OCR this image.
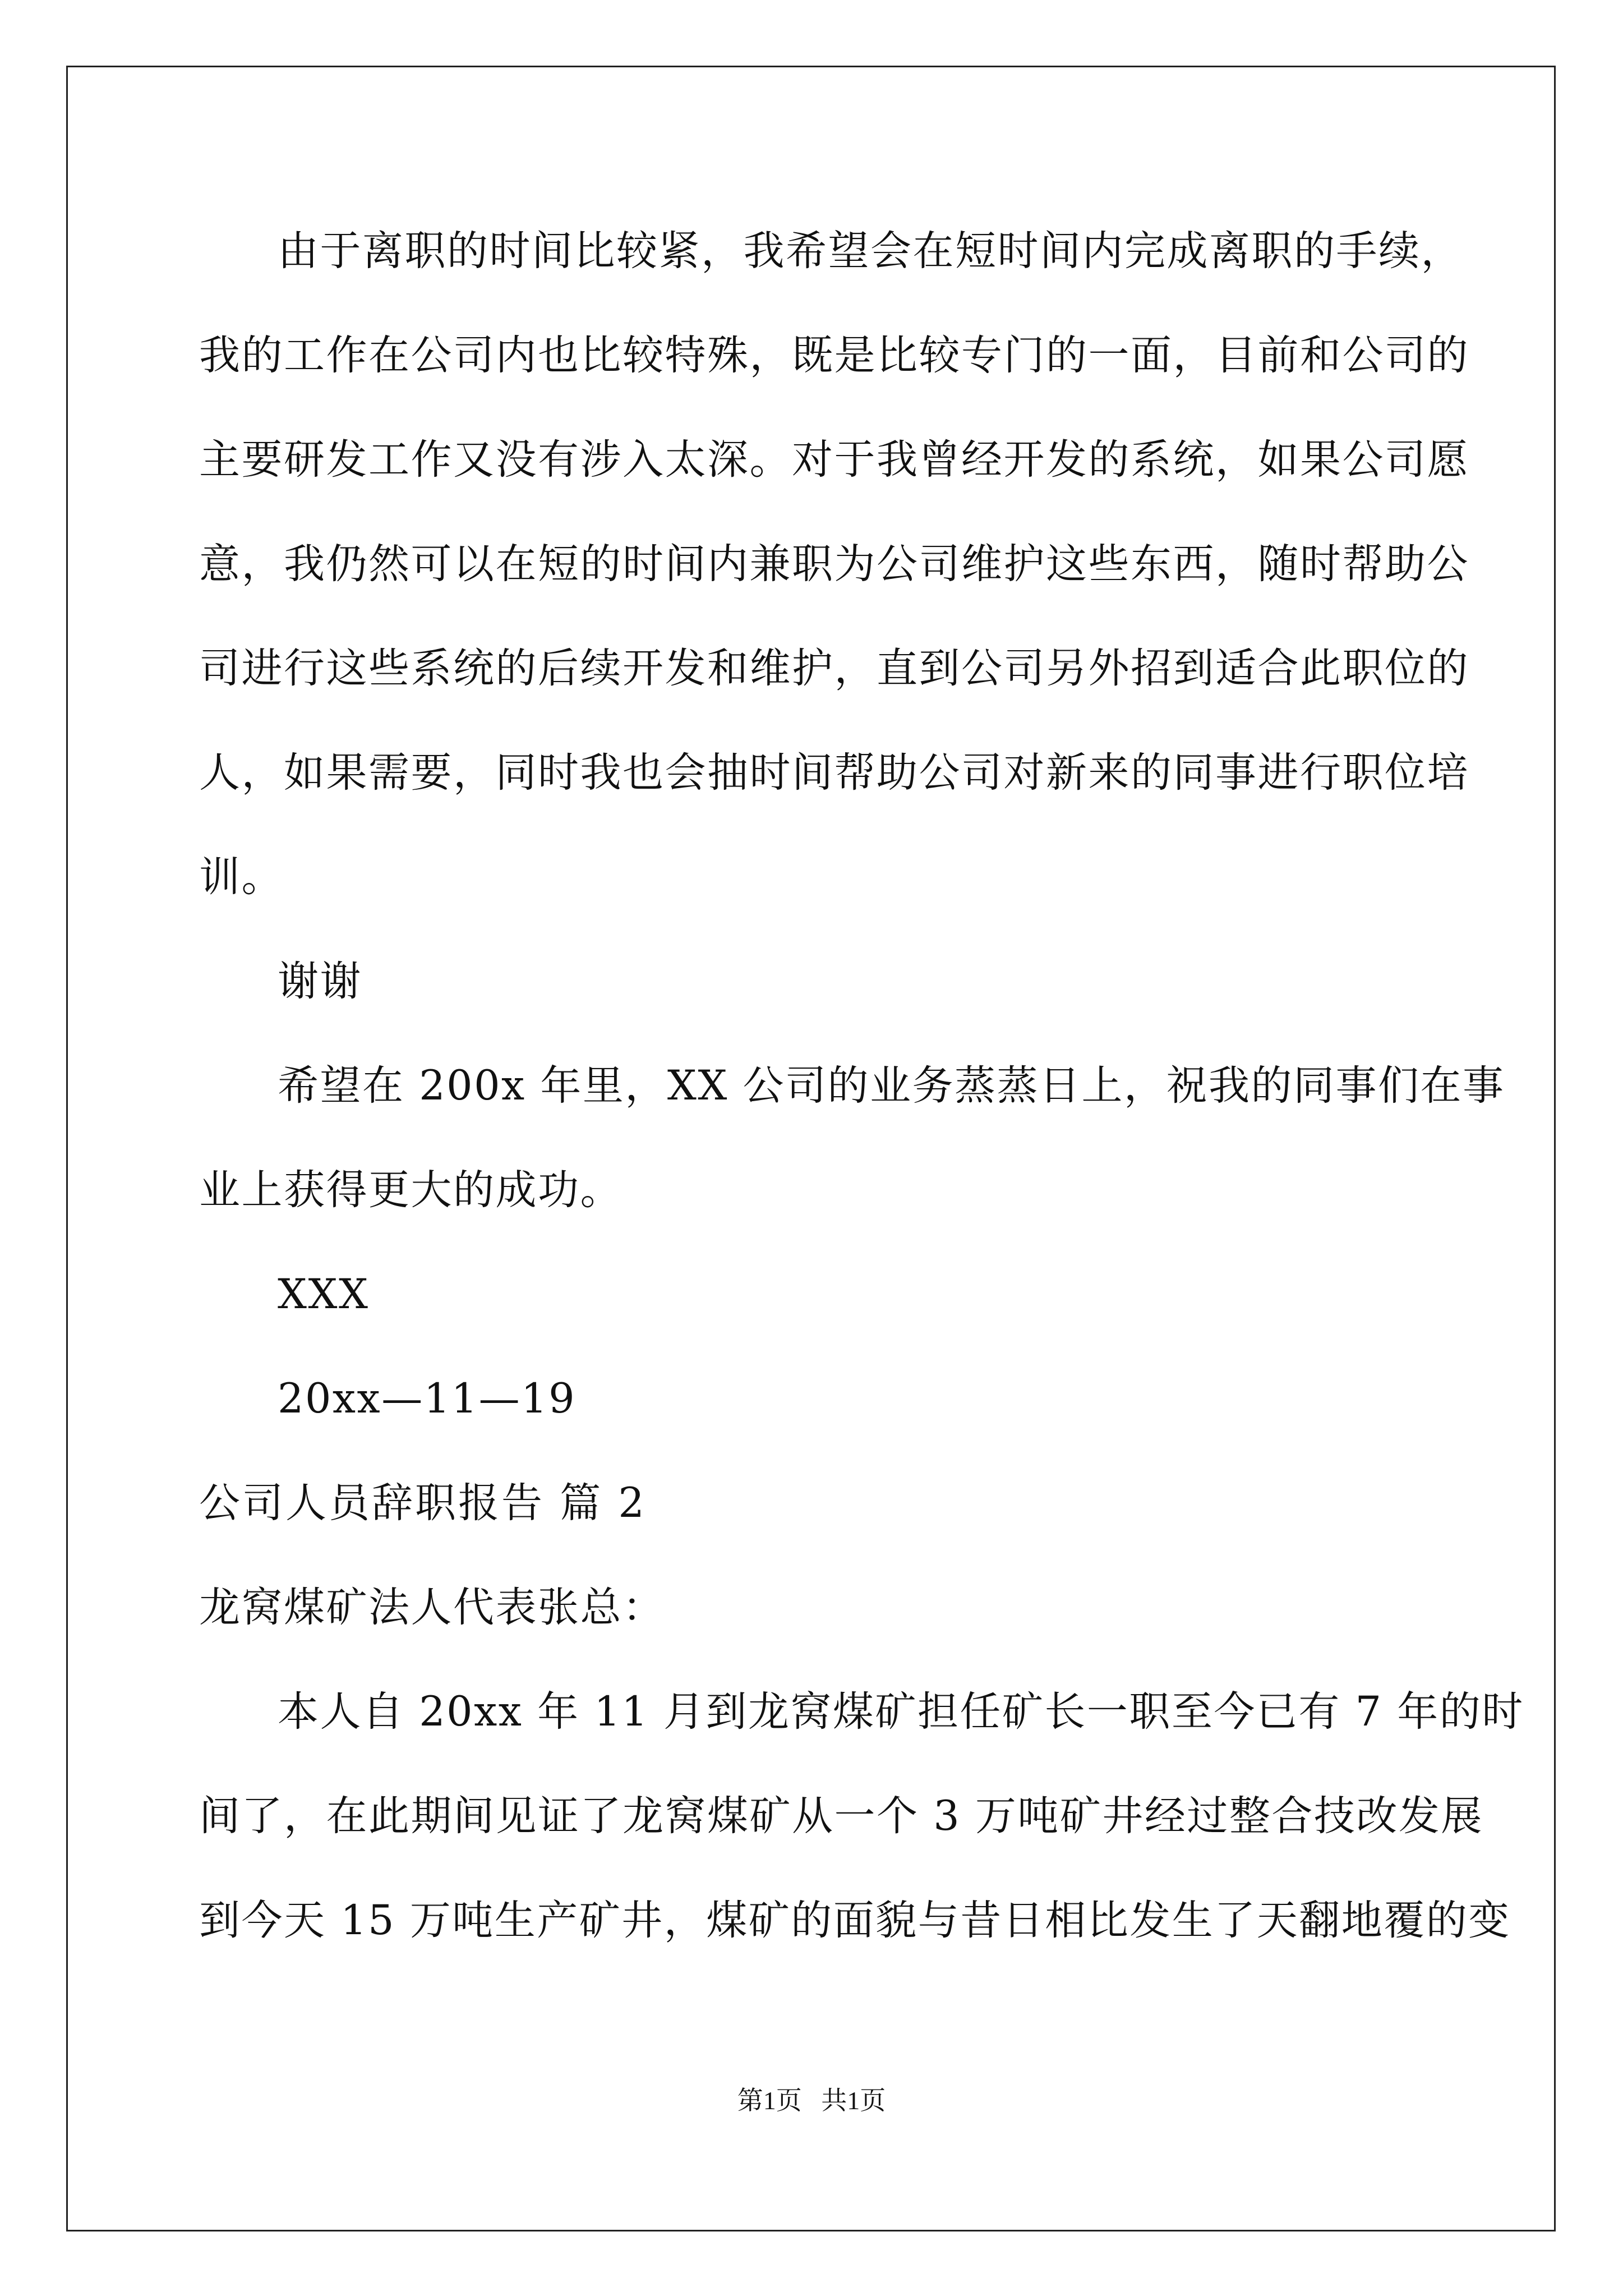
由于离职的时间比较紧，我希望会在短时间内完成离职的手续，

我的工作在公司内也比较特殊，既是比较专门的一面，目前和公司的

主要研发工作又没有涉入太深。对于我曾经开发的系统，如果公司愿

意，我仍然可以在短的时间内兼职为公司维护这些东西，随时帮助公

司进行这些系统的后续开发和维护，直到公司另外招到适合此职位的

人，如果需要，同时我也会抽时间帮助公司对新来的同事进行职位培

训。

谢谢

希望在 200x 年里，XX 公司的业务蒸蒸日上，祝我的同事们在事

业上获得更大的成功。

XXX

20xx—11—19

公司人员辞职报告 篇 2

龙窝煤矿法人代表张总：

本人自 20xx 年 11 月到龙窝煤矿担任矿长一职至今已有 7 年的时

间了，在此期间见证了龙窝煤矿从一个 3 万吨矿井经过整合技改发展

到今天 15 万吨生产矿井，煤矿的面貌与昔日相比发生了天翻地覆的变

第1页   共1页
